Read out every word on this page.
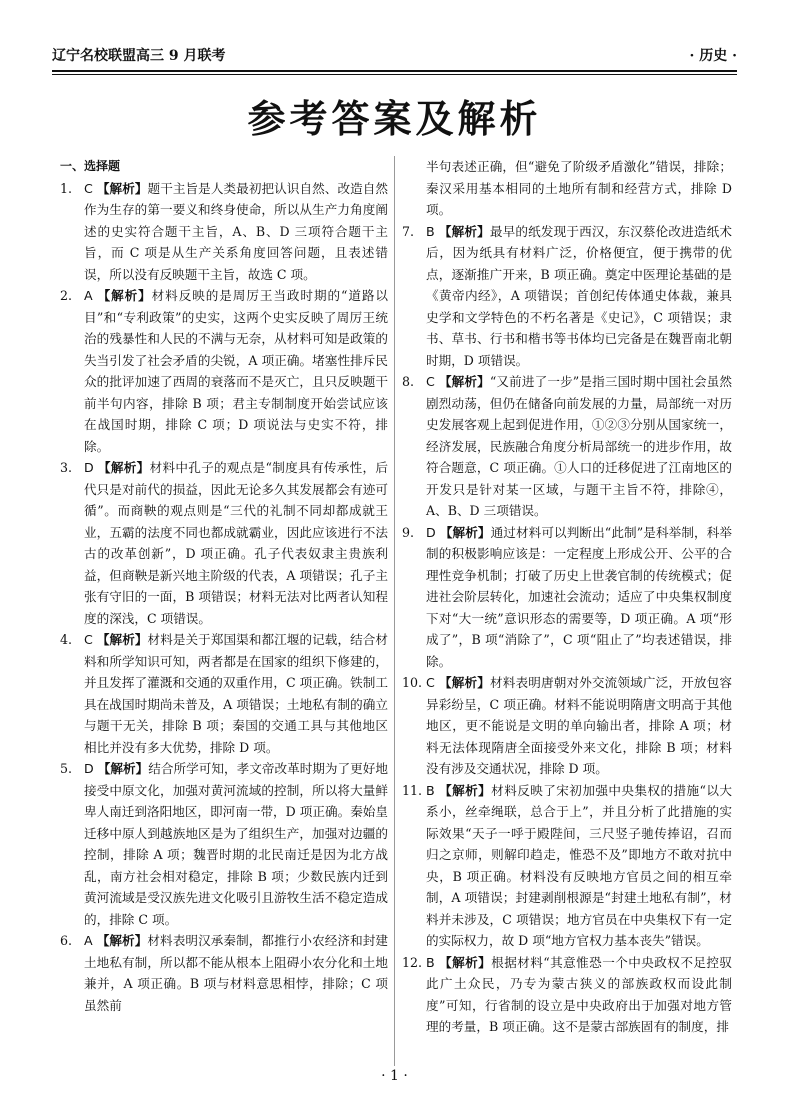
辽宁名校联盟高三 9 月联考	· 历史 ·
参考答案及解析
一、选择题

1. C 【解析】题干主旨是人类最初把认识自然、改造自然作为生存的第一要义和终身使命，所以从生产力角度阐述的史实符合题干主旨，A、B、D 三项符合题干主旨，而 C 项是从生产关系角度回答问题，且表述错误，所以没有反映题干主旨，故选 C 项。

2. A 【解析】材料反映的是周厉王当政时期的“道路以目”和“专利政策”的史实，这两个史实反映了周厉王统治的残暴性和人民的不满与无奈，从材料可知是政策的失当引发了社会矛盾的尖锐，A 项正确。堵塞性排斥民众的批评加速了西周的衰落而不是灭亡，且只反映题干前半句内容，排除 B 项；君主专制制度开始尝试应该在战国时期，排除 C 项；D 项说法与史实不符，排除。

3. D 【解析】材料中孔子的观点是“制度具有传承性，后代只是对前代的损益，因此无论多久其发展都会有迹可循”。而商鞅的观点则是“三代的礼制不同却都成就王业，五霸的法度不同也都成就霸业，因此应该进行不法古的改革创新”，D 项正确。孔子代表奴隶主贵族利益，但商鞅是新兴地主阶级的代表，A 项错误；孔子主张有守旧的一面，B 项错误；材料无法对比两者认知程度的深浅，C 项错误。

4. C 【解析】材料是关于郑国渠和都江堰的记载，结合材料和所学知识可知，两者都是在国家的组织下修建的，并且发挥了灌溉和交通的双重作用，C 项正确。铁制工具在战国时期尚未普及，A 项错误；土地私有制的确立与题干无关，排除 B 项；秦国的交通工具与其他地区相比并没有多大优势，排除 D 项。

5. D 【解析】结合所学可知，孝文帝改革时期为了更好地接受中原文化，加强对黄河流域的控制，所以将大量鲜卑人南迁到洛阳地区，即河南一带，D 项正确。秦始皇迁移中原人到越族地区是为了组织生产，加强对边疆的控制，排除 A 项；魏晋时期的北民南迁是因为北方战乱，南方社会相对稳定，排除 B 项；少数民族内迁到黄河流域是受汉族先进文化吸引且游牧生活不稳定造成的，排除 C 项。

6. A 【解析】材料表明汉承秦制，都推行小农经济和封建土地私有制，所以都不能从根本上阻碍小农分化和土地兼并，A 项正确。B 项与材料意思相悖，排除；C 项虽然前

半句表述正确，但“避免了阶级矛盾激化”错误，排除；秦汉采用基本相同的土地所有制和经营方式，排除 D 项。

7. B 【解析】最早的纸发现于西汉，东汉蔡伦改进造纸术后，因为纸具有材料广泛，价格便宜，便于携带的优点，逐渐推广开来，B 项正确。奠定中医理论基础的是《黄帝内经》，A 项错误；首创纪传体通史体裁，兼具史学和文学特色的不朽名著是《史记》，C 项错误；隶书、草书、行书和楷书等书体均已完备是在魏晋南北朝时期，D 项错误。

8. C 【解析】“又前进了一步”是指三国时期中国社会虽然剧烈动荡，但仍在储备向前发展的力量，局部统一对历史发展客观上起到促进作用，①②③分别从国家统一，经济发展，民族融合角度分析局部统一的进步作用，故符合题意，C 项正确。①人口的迁移促进了江南地区的开发只是针对某一区域，与题干主旨不符，排除④，A、B、D 三项错误。

9. D 【解析】通过材料可以判断出“此制”是科举制，科举制的积极影响应该是：一定程度上形成公开、公平的合理性竞争机制；打破了历史上世袭官制的传统模式；促进社会阶层转化，加速社会流动；适应了中央集权制度下对“大一统”意识形态的需要等，D 项正确。A 项“形成了”，B 项“消除了”，C 项“阻止了”均表述错误，排除。

10. C 【解析】材料表明唐朝对外交流领域广泛，开放包容异彩纷呈，C 项正确。材料不能说明隋唐文明高于其他地区，更不能说是文明的单向输出者，排除 A 项；材料无法体现隋唐全面接受外来文化，排除 B 项；材料没有涉及交通状况，排除 D 项。

11. B 【解析】材料反映了宋初加强中央集权的措施“以大系小，丝牵绳联，总合于上”，并且分析了此措施的实际效果“天子一呼于殿陛间，三尺竖子驰传捧诏，召而归之京师，则解印趋走，惟恐不及”即地方不敢对抗中央，B 项正确。材料没有反映地方官员之间的相互牵制，A 项错误；封建剥削根源是“封建土地私有制”，材料并未涉及，C 项错误；地方官员在中央集权下有一定的实际权力，故 D 项“地方官权力基本丧失”错误。

12. B 【解析】根据材料“其意惟恐一个中央政权不足控驭此广土众民，乃专为蒙古狭义的部族政权而设此制度”可知，行省制的设立是中央政府出于加强对地方管理的考量，B 项正确。这不是蒙古部族固有的制度，排

· 1 ·
